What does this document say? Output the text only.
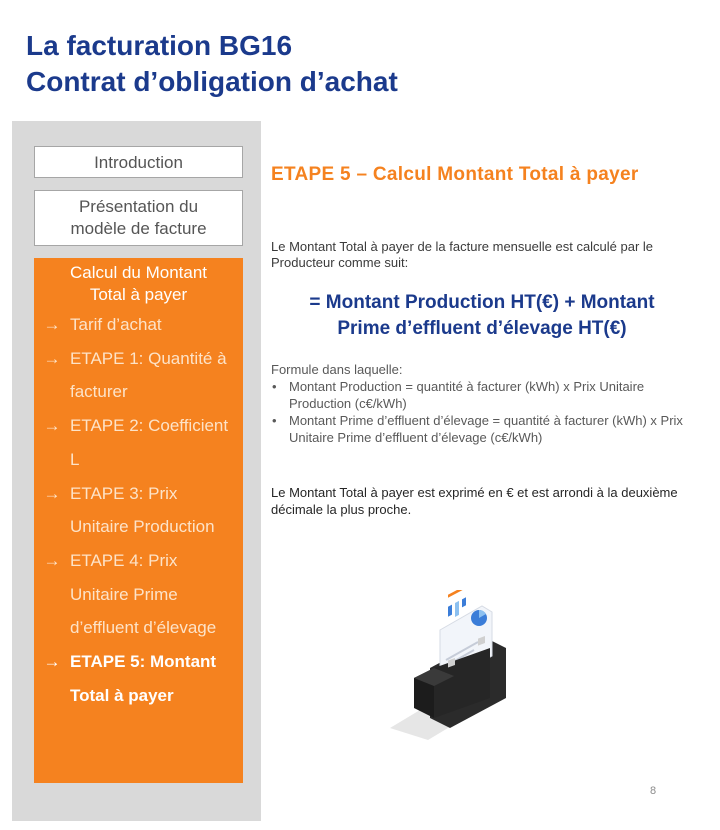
La facturation BG16
Contrat d’obligation d’achat
Introduction
Présentation du
modèle de facture
Calcul du Montant
Total à payer
→ Tarif d’achat
→ ETAPE 1: Quantité à facturer
→ ETAPE 2: Coefficient L
→ ETAPE 3: Prix Unitaire Production
→ ETAPE 4: Prix Unitaire Prime d’effluent d’élevage
→ ETAPE 5: Montant Total à payer
ETAPE 5 – Calcul Montant Total à payer
Le Montant Total à payer de la facture mensuelle est calculé par le Producteur comme suit:
= Montant Production HT(€) + Montant
Prime d’effluent d’élevage HT(€)
Formule dans laquelle:
• Montant Production = quantité à facturer (kWh) x Prix Unitaire Production (c€/kWh)
• Montant Prime d’effluent d’élevage = quantité à facturer (kWh) x Prix Unitaire Prime d’effluent d’élevage (c€/kWh)
Le Montant Total à payer est exprimé en € et est arrondi à la deuxième décimale la plus proche.
8
